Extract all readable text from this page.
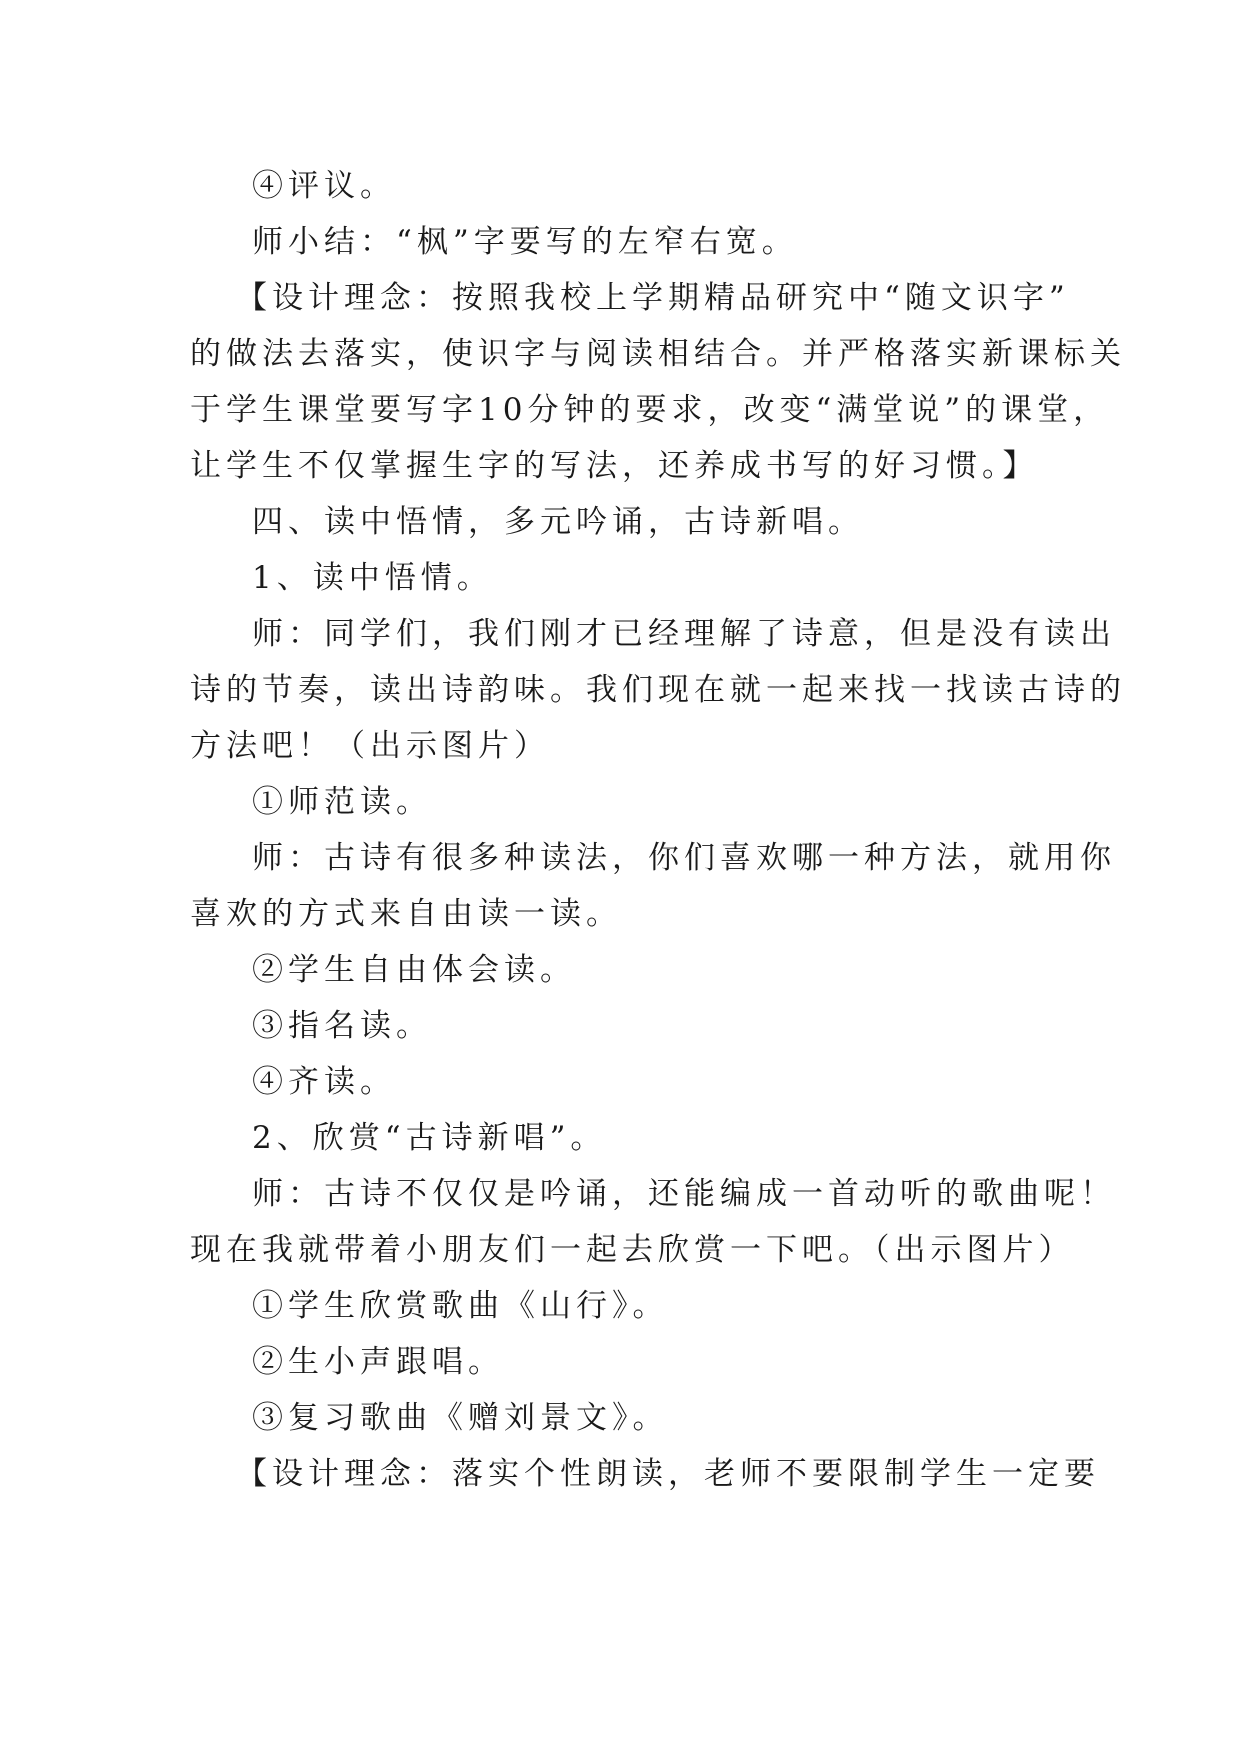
④评议。
师小结：“枫”字要写的左窄右宽。
【设计理念：按照我校上学期精品研究中“随文识字”
的做法去落实，使识字与阅读相结合。并严格落实新课标关
于学生课堂要写字10分钟的要求，改变“满堂说”的课堂，
让学生不仅掌握生字的写法，还养成书写的好习惯。】
四、读中悟情，多元吟诵，古诗新唱。
1、读中悟情。
师：同学们，我们刚才已经理解了诗意，但是没有读出
诗的节奏，读出诗韵味。我们现在就一起来找一找读古诗的
方法吧！（出示图片）
①师范读。
师：古诗有很多种读法，你们喜欢哪一种方法，就用你
喜欢的方式来自由读一读。
②学生自由体会读。
③指名读。
④齐读。
2、欣赏“古诗新唱”。
师：古诗不仅仅是吟诵，还能编成一首动听的歌曲呢！
现在我就带着小朋友们一起去欣赏一下吧。（出示图片）
①学生欣赏歌曲《山行》。
②生小声跟唱。
③复习歌曲《赠刘景文》。
【设计理念：落实个性朗读，老师不要限制学生一定要
